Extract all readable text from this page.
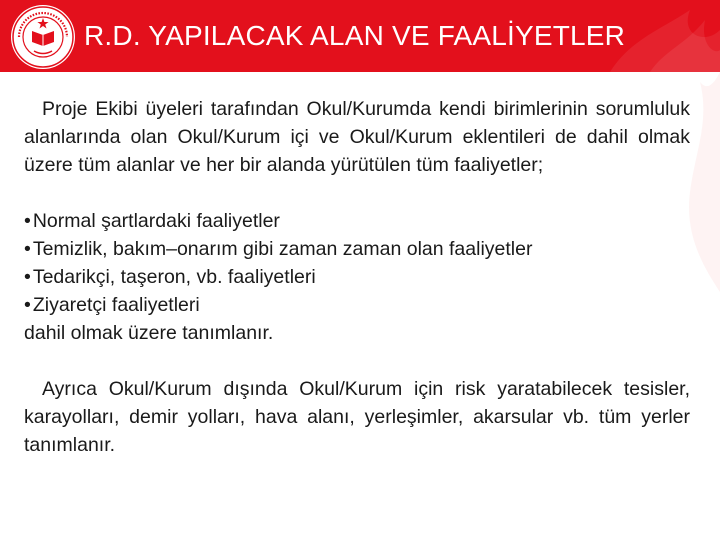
R.D. YAPILACAK ALAN VE FAALİYETLER

Proje Ekibi üyeleri tarafından Okul/Kurumda kendi birimlerinin sorumluluk alanlarında olan Okul/Kurum içi ve Okul/Kurum eklentileri de dahil olmak üzere tüm alanlar ve her bir alanda yürütülen tüm faaliyetler;

• Normal şartlardaki faaliyetler
• Temizlik, bakım–onarım gibi zaman zaman olan faaliyetler
• Tedarikçi, taşeron, vb. faaliyetleri
• Ziyaretçi faaliyetleri

dahil olmak üzere tanımlanır.

Ayrıca Okul/Kurum dışında Okul/Kurum için risk yaratabilecek tesisler, karayolları, demir yolları, hava alanı, yerleşimler, akarsular vb. tüm yerler tanımlanır.
